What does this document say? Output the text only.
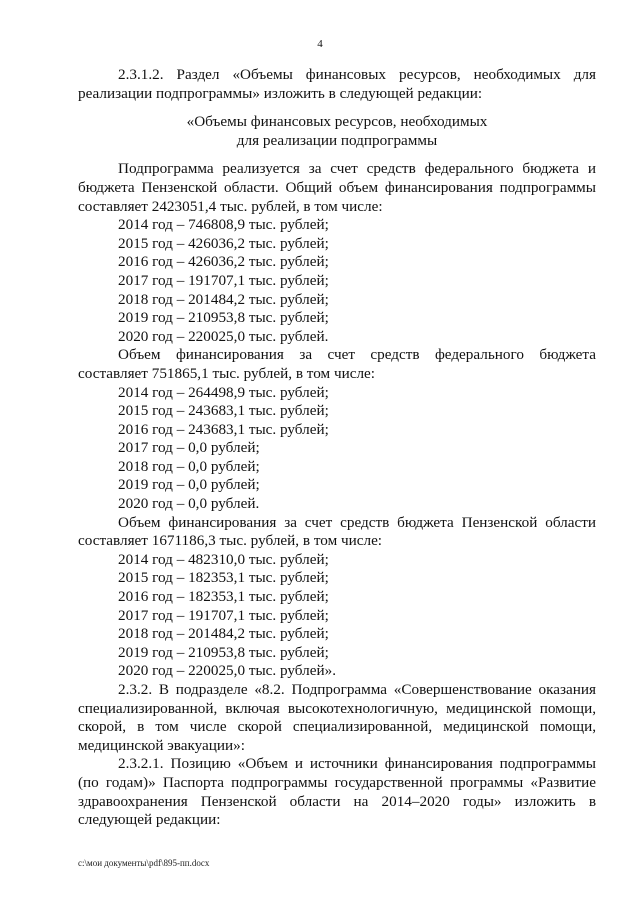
4

2.3.1.2. Раздел «Объемы финансовых ресурсов, необходимых для реализации подпрограммы» изложить в следующей редакции:

«Объемы финансовых ресурсов, необходимых
для реализации подпрограммы

Подпрограмма реализуется за счет средств федерального бюджета и бюджета Пензенской области. Общий объем финансирования подпрограммы составляет 2423051,4 тыс. рублей, в том числе:

2014 год – 746808,9 тыс. рублей;

2015 год – 426036,2 тыс. рублей;

2016 год – 426036,2 тыс. рублей;

2017 год – 191707,1 тыс. рублей;

2018 год – 201484,2 тыс. рублей;

2019 год – 210953,8 тыс. рублей;

2020 год – 220025,0 тыс. рублей.

Объем финансирования за счет средств федерального бюджета составляет 751865,1 тыс. рублей, в том числе:

2014 год – 264498,9 тыс. рублей;

2015 год – 243683,1 тыс. рублей;

2016 год – 243683,1 тыс. рублей;

2017 год – 0,0 рублей;

2018 год – 0,0 рублей;

2019 год – 0,0 рублей;

2020 год – 0,0 рублей.

Объем финансирования за счет средств бюджета Пензенской области составляет 1671186,3 тыс. рублей, в том числе:

2014 год – 482310,0 тыс. рублей;

2015 год – 182353,1 тыс. рублей;

2016 год – 182353,1 тыс. рублей;

2017 год – 191707,1 тыс. рублей;

2018 год – 201484,2 тыс. рублей;

2019 год – 210953,8 тыс. рублей;

2020 год – 220025,0 тыс. рублей».

2.3.2. В подразделе «8.2. Подпрограмма «Совершенствование оказания специализированной, включая высокотехнологичную, медицинской помощи, скорой, в том числе скорой специализированной, медицинской помощи, медицинской эвакуации»:

2.3.2.1. Позицию «Объем и источники финансирования подпрограммы (по годам)» Паспорта подпрограммы государственной программы «Развитие здравоохранения Пензенской области на 2014–2020 годы» изложить в следующей редакции:

c:\мои документы\pdf\895-пп.docx
